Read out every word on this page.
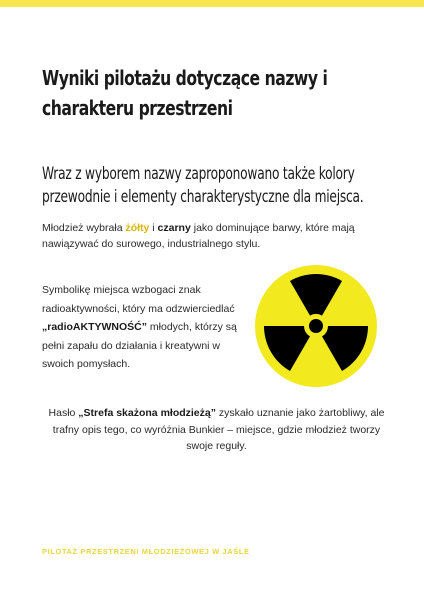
Wyniki pilotażu dotyczące nazwy i
charakteru przestrzeni
Wraz z wyborem nazwy zaproponowano także kolory
przewodnie i elementy charakterystyczne dla miejsca.

Młodzież wybrała żółty i czarny jako dominujące barwy, które mają nawiązywać do surowego, industrialnego stylu.

Symbolikę miejsca wzbogaci znak radioaktywności, który ma odzwierciedlać „radioAKTYWNOŚĆ” młodych, którzy są pełni zapału do działania i kreatywni w swoich pomysłach.

Hasło „Strefa skażona młodzieżą” zyskało uznanie jako żartobliwy, ale trafny opis tego, co wyróżnia Bunkier – miejsce, gdzie młodzież tworzy swoje reguły.

PILOTAŻ PRZESTRZENI MŁODZIEŻOWEJ W JAŚLE
